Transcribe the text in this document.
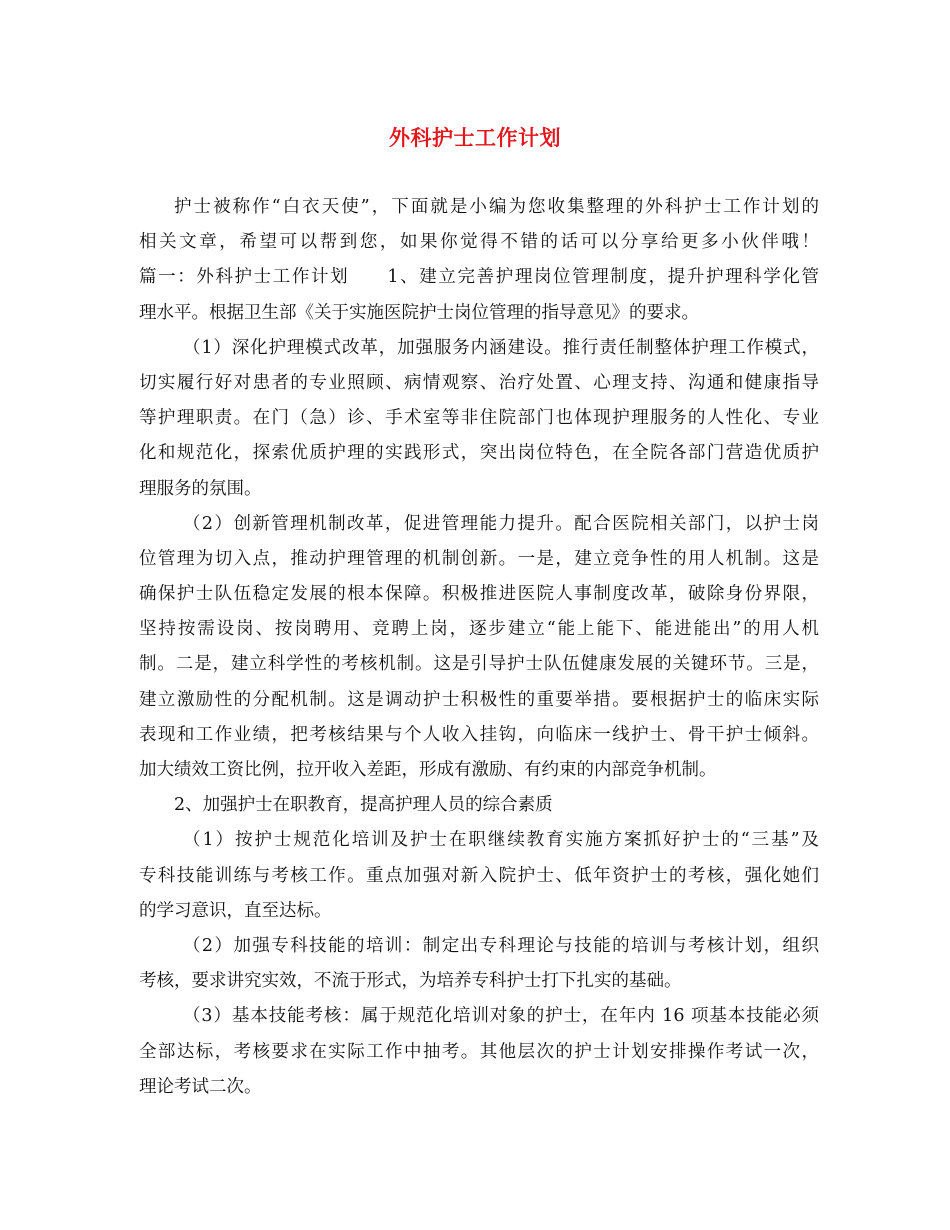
外科护士工作计划
护士被称作“白衣天使”，下面就是小编为您收集整理的外科护士工作计划的
相关文章，希望可以帮到您，如果你觉得不错的话可以分享给更多小伙伴哦！
篇一：外科护士工作计划　　1、建立完善护理岗位管理制度，提升护理科学化管
理水平。根据卫生部《关于实施医院护士岗位管理的指导意见》的要求。
（1）深化护理模式改革，加强服务内涵建设。推行责任制整体护理工作模式，
切实履行好对患者的专业照顾、病情观察、治疗处置、心理支持、沟通和健康指导
等护理职责。在门（急）诊、手术室等非住院部门也体现护理服务的人性化、专业
化和规范化，探索优质护理的实践形式，突出岗位特色，在全院各部门营造优质护
理服务的氛围。
（2）创新管理机制改革，促进管理能力提升。配合医院相关部门，以护士岗
位管理为切入点，推动护理管理的机制创新。一是，建立竞争性的用人机制。这是
确保护士队伍稳定发展的根本保障。积极推进医院人事制度改革，破除身份界限，
坚持按需设岗、按岗聘用、竞聘上岗，逐步建立“能上能下、能进能出”的用人机
制。二是，建立科学性的考核机制。这是引导护士队伍健康发展的关键环节。三是，
建立激励性的分配机制。这是调动护士积极性的重要举措。要根据护士的临床实际
表现和工作业绩，把考核结果与个人收入挂钩，向临床一线护士、骨干护士倾斜。
加大绩效工资比例，拉开收入差距，形成有激励、有约束的内部竞争机制。
2、加强护士在职教育，提高护理人员的综合素质
（1）按护士规范化培训及护士在职继续教育实施方案抓好护士的“三基”及
专科技能训练与考核工作。重点加强对新入院护士、低年资护士的考核，强化她们
的学习意识，直至达标。
（2）加强专科技能的培训：制定出专科理论与技能的培训与考核计划，组织
考核，要求讲究实效，不流于形式，为培养专科护士打下扎实的基础。
（3）基本技能考核：属于规范化培训对象的护士，在年内 16 项基本技能必须
全部达标，考核要求在实际工作中抽考。其他层次的护士计划安排操作考试一次，
理论考试二次。
